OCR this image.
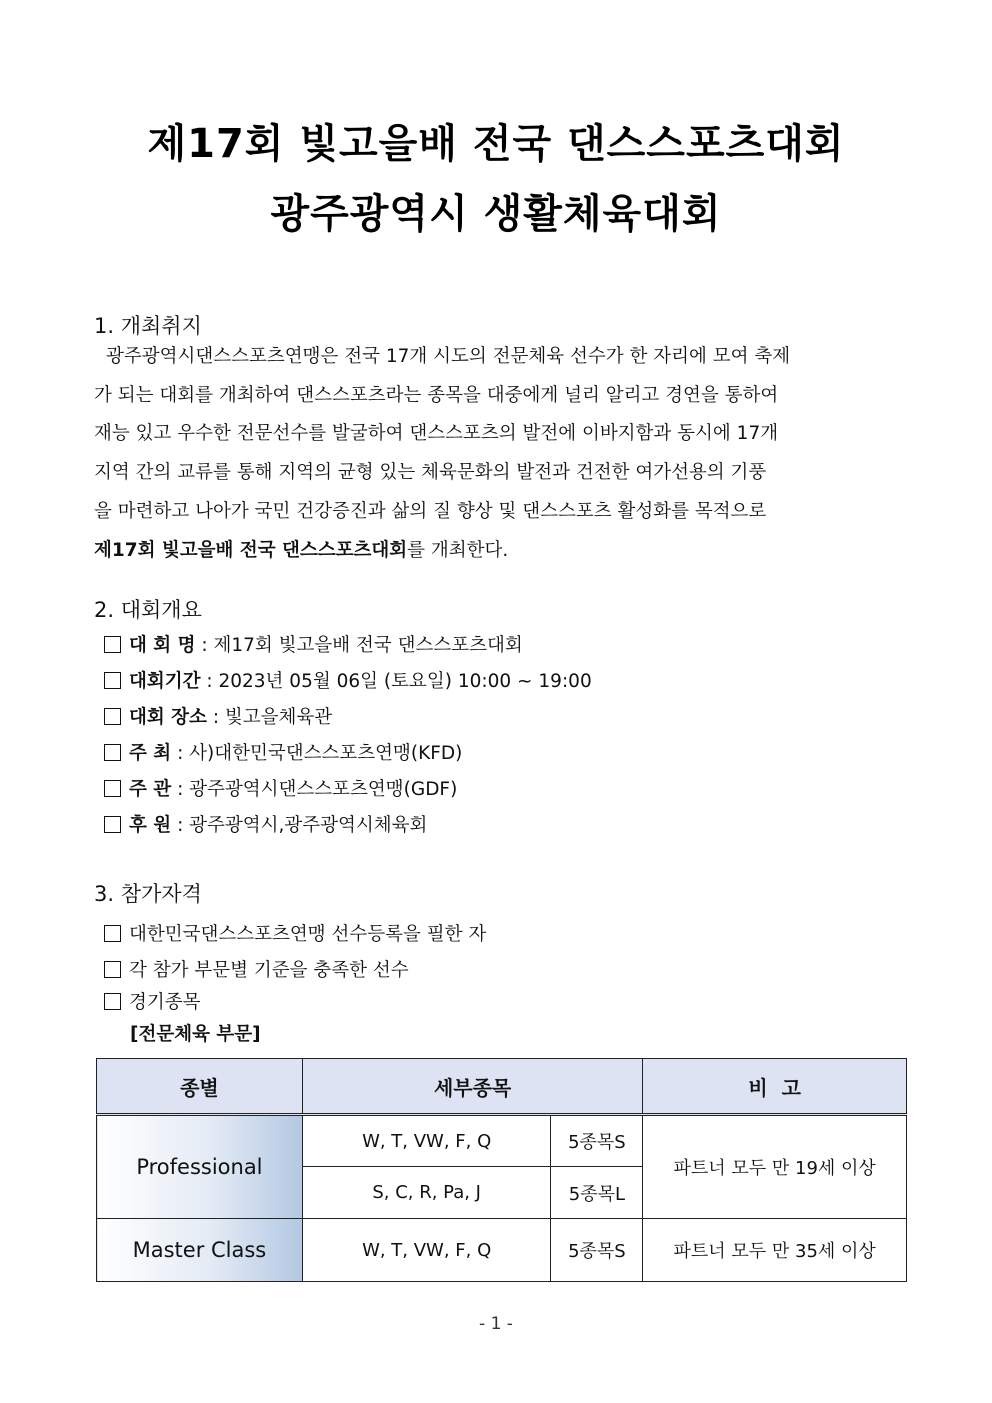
제17회 빛고을배 전국 댄스스포츠대회
광주광역시 생활체육대회
1. 개최취지
광주광역시댄스스포츠연맹은 전국 17개 시도의 전문체육 선수가 한 자리에 모여 축제
가 되는 대회를 개최하여 댄스스포츠라는 종목을 대중에게 널리 알리고 경연을 통하여
재능 있고 우수한 전문선수를 발굴하여 댄스스포츠의 발전에 이바지함과 동시에 17개
지역 간의 교류를 통해 지역의 균형 있는 체육문화의 발전과 건전한 여가선용의 기풍
을 마련하고 나아가 국민 건강증진과 삶의 질 향상 및 댄스스포츠 활성화를 목적으로
제17회 빛고을배 전국 댄스스포츠대회를 개최한다.
2. 대회개요
대 회 명 : 제17회 빛고을배 전국 댄스스포츠대회
대회기간 : 2023년 05월 06일 (토요일) 10:00 ~ 19:00
대회 장소 : 빛고을체육관
주 최 : 사)대한민국댄스스포츠연맹(KFD)
주 관 : 광주광역시댄스스포츠연맹(GDF)
후 원 : 광주광역시,광주광역시체육회
3. 참가자격
대한민국댄스스포츠연맹 선수등록을 필한 자
각 참가 부문별 기준을 충족한 선수
경기종목
[전문체육 부문]
종별	세부종목		비  고
Professional	W, T, VW, F, Q	5종목S	파트너 모두 만 19세 이상
	S, C, R, Pa, J	5종목L	
Master Class	W, T, VW, F, Q	5종목S	파트너 모두 만 35세 이상
- 1 -
